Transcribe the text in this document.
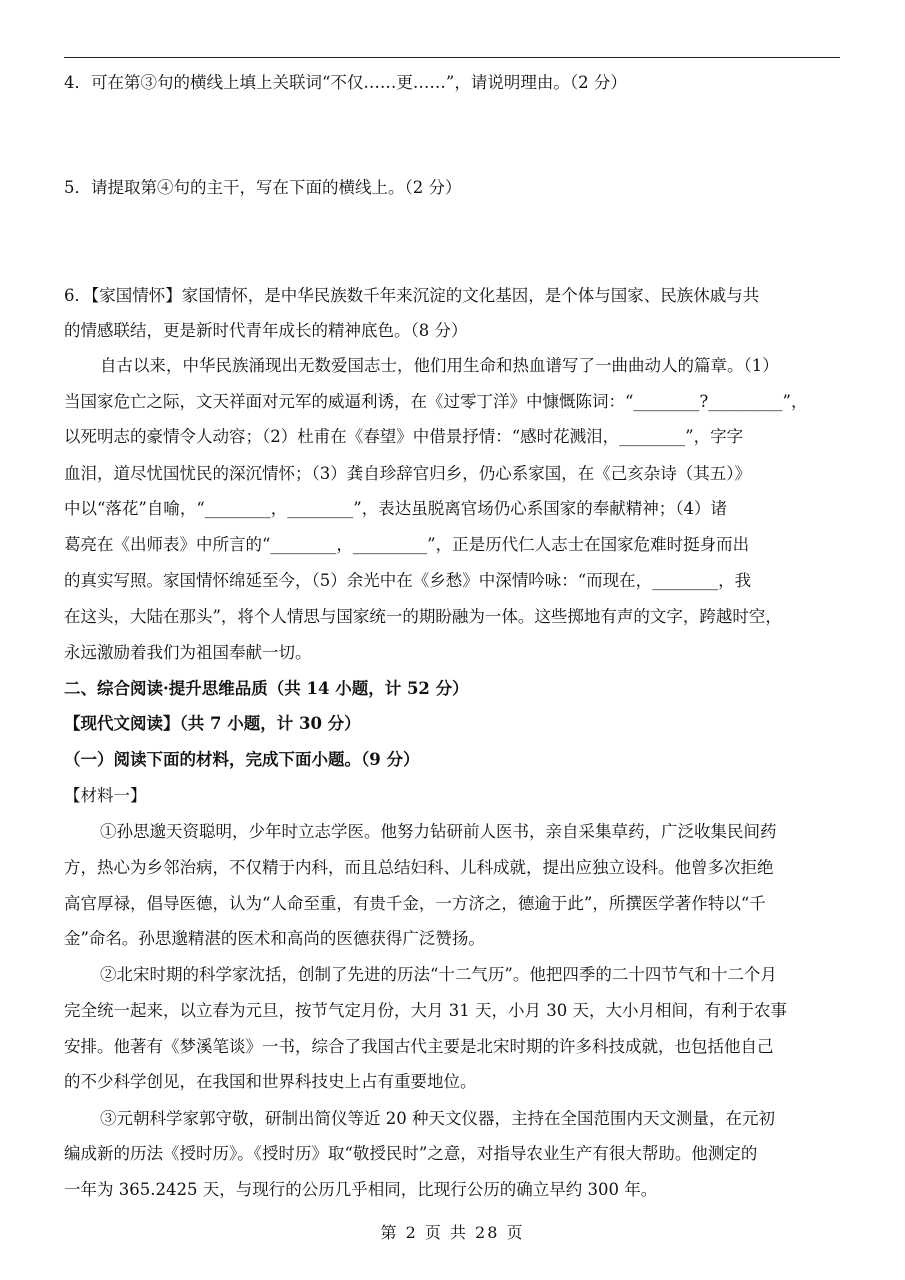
4．可在第③句的横线上填上关联词“不仅……更……”，请说明理由。（2 分）
5．请提取第④句的主干，写在下面的横线上。（2 分）
6．【家国情怀】家国情怀，是中华民族数千年来沉淀的文化基因，是个体与国家、民族休戚与共
的情感联结，更是新时代青年成长的精神底色。（8 分）
自古以来，中华民族涌现出无数爱国志士，他们用生命和热血谱写了一曲曲动人的篇章。（1）
当国家危亡之际，文天祥面对元军的威逼利诱，在《过零丁洋》中慷慨陈词：“________?_________”，
以死明志的豪情令人动容；（2）杜甫在《春望》中借景抒情：“感时花溅泪，________”，字字
血泪，道尽忧国忧民的深沉情怀；（3）龚自珍辞官归乡，仍心系家国，在《己亥杂诗（其五）》
中以“落花”自喻，“________，________”，表达虽脱离官场仍心系国家的奉献精神；（4）诸
葛亮在《出师表》中所言的“________，_________”，正是历代仁人志士在国家危难时挺身而出
的真实写照。家国情怀绵延至今，（5）余光中在《乡愁》中深情吟咏：“而现在，________，我
在这头，大陆在那头”，将个人情思与国家统一的期盼融为一体。这些掷地有声的文字，跨越时空，
永远激励着我们为祖国奉献一切。
二、综合阅读·提升思维品质（共 14 小题，计 52 分）
【现代文阅读】（共 7 小题，计 30 分）
（一）阅读下面的材料，完成下面小题。（9 分）
【材料一】
①孙思邈天资聪明，少年时立志学医。他努力钻研前人医书，亲自采集草药，广泛收集民间药
方，热心为乡邻治病，不仅精于内科，而且总结妇科、儿科成就，提出应独立设科。他曾多次拒绝
高官厚禄，倡导医德，认为“人命至重，有贵千金，一方济之，德逾于此”，所撰医学著作特以“千
金”命名。孙思邈精湛的医术和高尚的医德获得广泛赞扬。
②北宋时期的科学家沈括，创制了先进的历法“十二气历”。他把四季的二十四节气和十二个月
完全统一起来，以立春为元旦，按节气定月份，大月 31 天，小月 30 天，大小月相间，有利于农事
安排。他著有《梦溪笔谈》一书，综合了我国古代主要是北宋时期的许多科技成就，也包括他自己
的不少科学创见，在我国和世界科技史上占有重要地位。
③元朝科学家郭守敬，研制出简仪等近 20 种天文仪器，主持在全国范围内天文测量，在元初
编成新的历法《授时历》。《授时历》取“敬授民时”之意，对指导农业生产有很大帮助。他测定的
一年为 365.2425 天，与现行的公历几乎相同，比现行公历的确立早约 300 年。
第 2 页 共 28 页
